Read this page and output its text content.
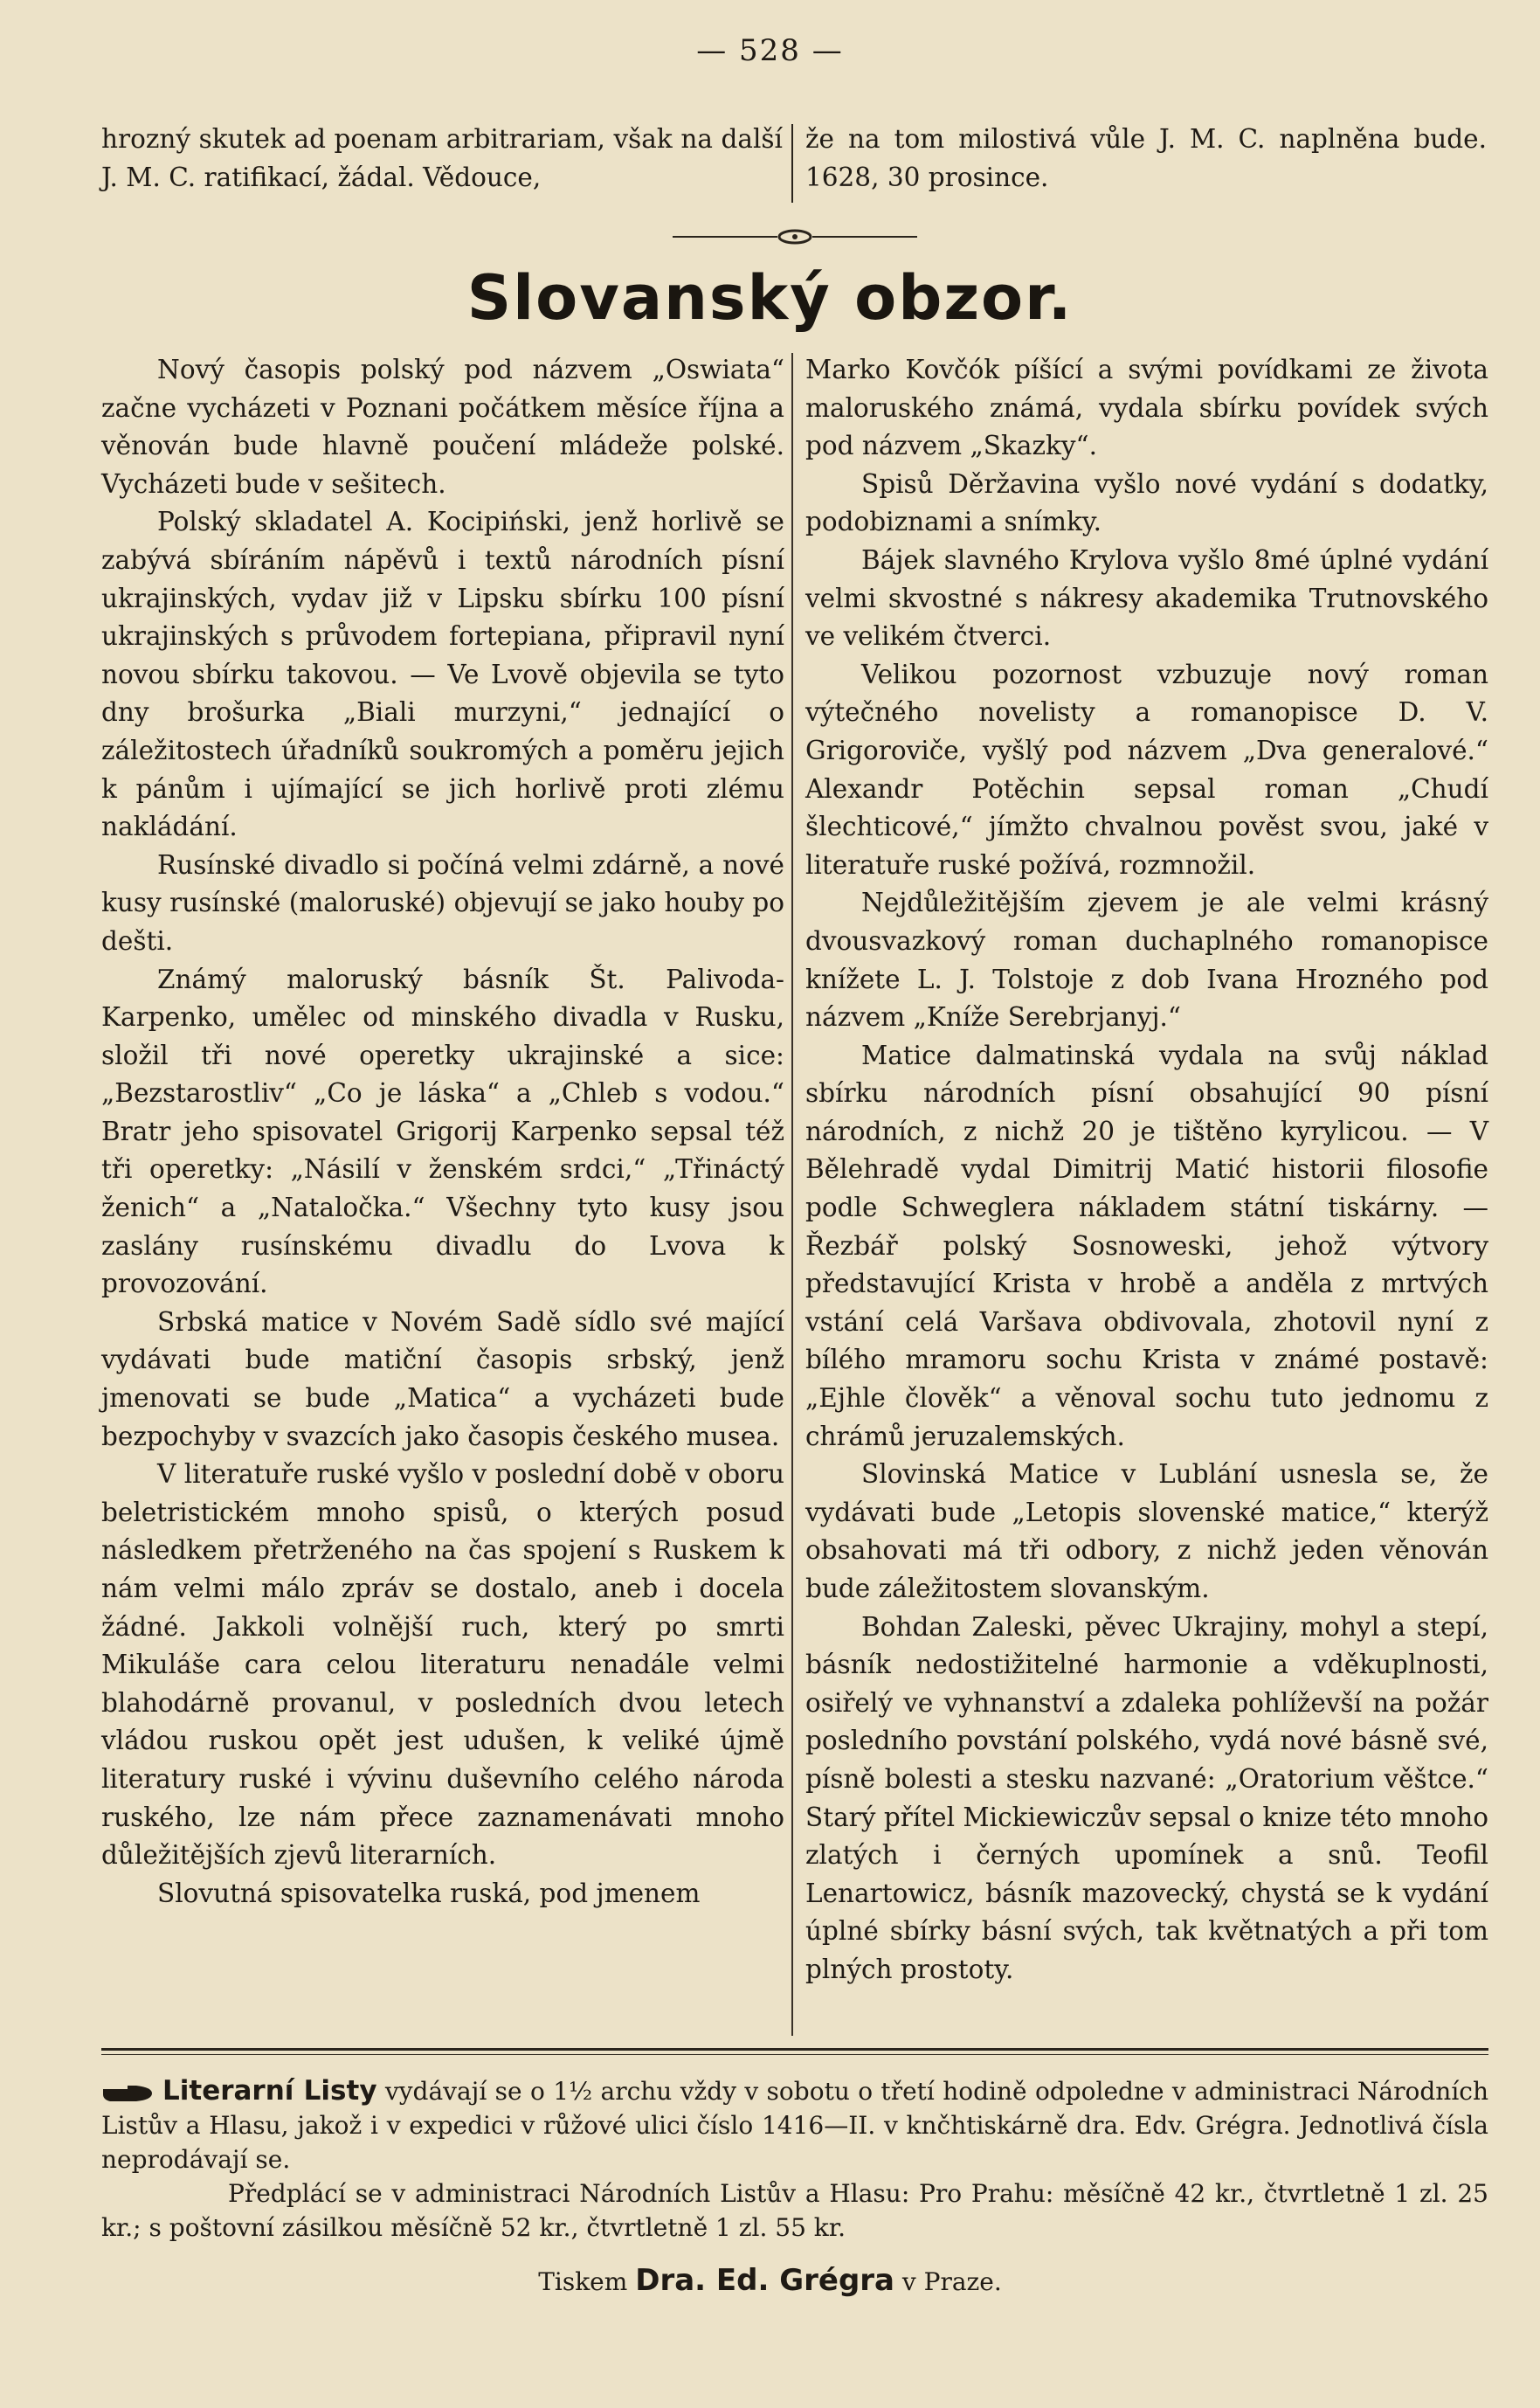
— 528 —

hrozný skutek ad poenam arbitrariam, však na další J. M. C. ratifikací, žádal. Vědouce,

že na tom milostivá vůle J. M. C. naplněna bude. 1628, 30 prosince.

Slovanský obzor.

Nový časopis polský pod názvem „Oswiata“ začne vycházeti v Poznani počátkem měsíce října a věnován bude hlavně poučení mládeže polské. Vycházeti bude v sešitech.

Polský skladatel A. Kocipiński, jenž horlivě se zabývá sbíráním nápěvů i textů národních písní ukrajinských, vydav již v Lipsku sbírku 100 písní ukrajinských s průvodem fortepiana, připravil nyní novou sbírku takovou. — Ve Lvově objevila se tyto dny brošurka „Biali murzyni,“ jednající o záležitostech úřadníků soukromých a poměru jejich k pánům i ujímající se jich horlivě proti zlému nakládání.

Rusínské divadlo si počíná velmi zdárně, a nové kusy rusínské (maloruské) objevují se jako houby po dešti.

Známý maloruský básník Št. Palivoda-Karpenko, umělec od minského divadla v Rusku, složil tři nové operetky ukrajinské a sice: „Bezstarostliv“ „Co je láska“ a „Chleb s vodou.“ Bratr jeho spisovatel Grigorij Karpenko sepsal též tři operetky: „Násilí v ženském srdci,“ „Třináctý ženich“ a „Nataločka.“ Všechny tyto kusy jsou zaslány rusínskému divadlu do Lvova k provozování.

Srbská matice v Novém Sadě sídlo své mající vydávati bude matiční časopis srbský, jenž jmenovati se bude „Matica“ a vycházeti bude bezpochyby v svazcích jako časopis českého musea.

V literatuře ruské vyšlo v poslední době v oboru beletristickém mnoho spisů, o kterých posud následkem přetrženého na čas spojení s Ruskem k nám velmi málo zpráv se dostalo, aneb i docela žádné. Jakkoli volnější ruch, který po smrti Mikuláše cara celou literaturu nenadále velmi blahodárně provanul, v posledních dvou letech vládou ruskou opět jest udušen, k veliké újmě literatury ruské i vývinu duševního celého národa ruského, lze nám přece zaznamenávati mnoho důležitějších zjevů literarních.

Slovutná spisovatelka ruská, pod jmenem

Marko Kovčók píšící a svými povídkami ze života maloruského známá, vydala sbírku povídek svých pod názvem „Skazky“.

Spisů Děržavina vyšlo nové vydání s dodatky, podobiznami a snímky.

Bájek slavného Krylova vyšlo 8mé úplné vydání velmi skvostné s nákresy akademika Trutnovského ve velikém čtverci.

Velikou pozornost vzbuzuje nový roman výtečného novelisty a romanopisce D. V. Grigoroviče, vyšlý pod názvem „Dva generalové.“ Alexandr Potěchin sepsal roman „Chudí šlechticové,“ jímžto chvalnou pověst svou, jaké v literatuře ruské požívá, rozmnožil.

Nejdůležitějším zjevem je ale velmi krásný dvousvazkový roman duchaplného romanopisce knížete L. J. Tolstoje z dob Ivana Hrozného pod názvem „Kníže Serebrjanyj.“

Matice dalmatinská vydala na svůj náklad sbírku národních písní obsahující 90 písní národních, z nichž 20 je tištěno kyrylicou. — V Bělehradě vydal Dimitrij Matić historii filosofie podle Schweglera nákladem státní tiskárny. — Řezbář polský Sosnoweski, jehož výtvory představující Krista v hrobě a anděla z mrtvých vstání celá Varšava obdivovala, zhotovil nyní z bílého mramoru sochu Krista v známé postavě: „Ejhle člověk“ a věnoval sochu tuto jednomu z chrámů jeruzalemských.

Slovinská Matice v Lublání usnesla se, že vydávati bude „Letopis slovenské matice,“ kterýž obsahovati má tři odbory, z nichž jeden věnován bude záležitostem slovanským.

Bohdan Zaleski, pěvec Ukrajiny, mohyl a stepí, básník nedostižitelné harmonie a vděkuplnosti, osiřelý ve vyhnanství a zdaleka pohlíževší na požár posledního povstání polského, vydá nové básně své, písně bolesti a stesku nazvané: „Oratorium věštce.“ Starý přítel Mickiewiczův sepsal o knize této mnoho zlatých i černých upomínek a snů. Teofil Lenartowicz, básník mazovecký, chystá se k vydání úplné sbírky básní svých, tak květnatých a při tom plných prostoty.

Literarní Listy vydávají se o 1½ archu vždy v sobotu o třetí hodině odpoledne v administraci Národních Listův a Hlasu, jakož i v expedici v růžové ulici číslo 1416—II. v knčhtiskárně dra. Edv. Grégra. Jednotlivá čísla neprodávají se.

Předplácí se v administraci Národních Listův a Hlasu: Pro Prahu: měsíčně 42 kr., čtvrtletně 1 zl. 25 kr.; s poštovní zásilkou měsíčně 52 kr., čtvrtletně 1 zl. 55 kr.

Tiskem Dra. Ed. Grégra v Praze.
